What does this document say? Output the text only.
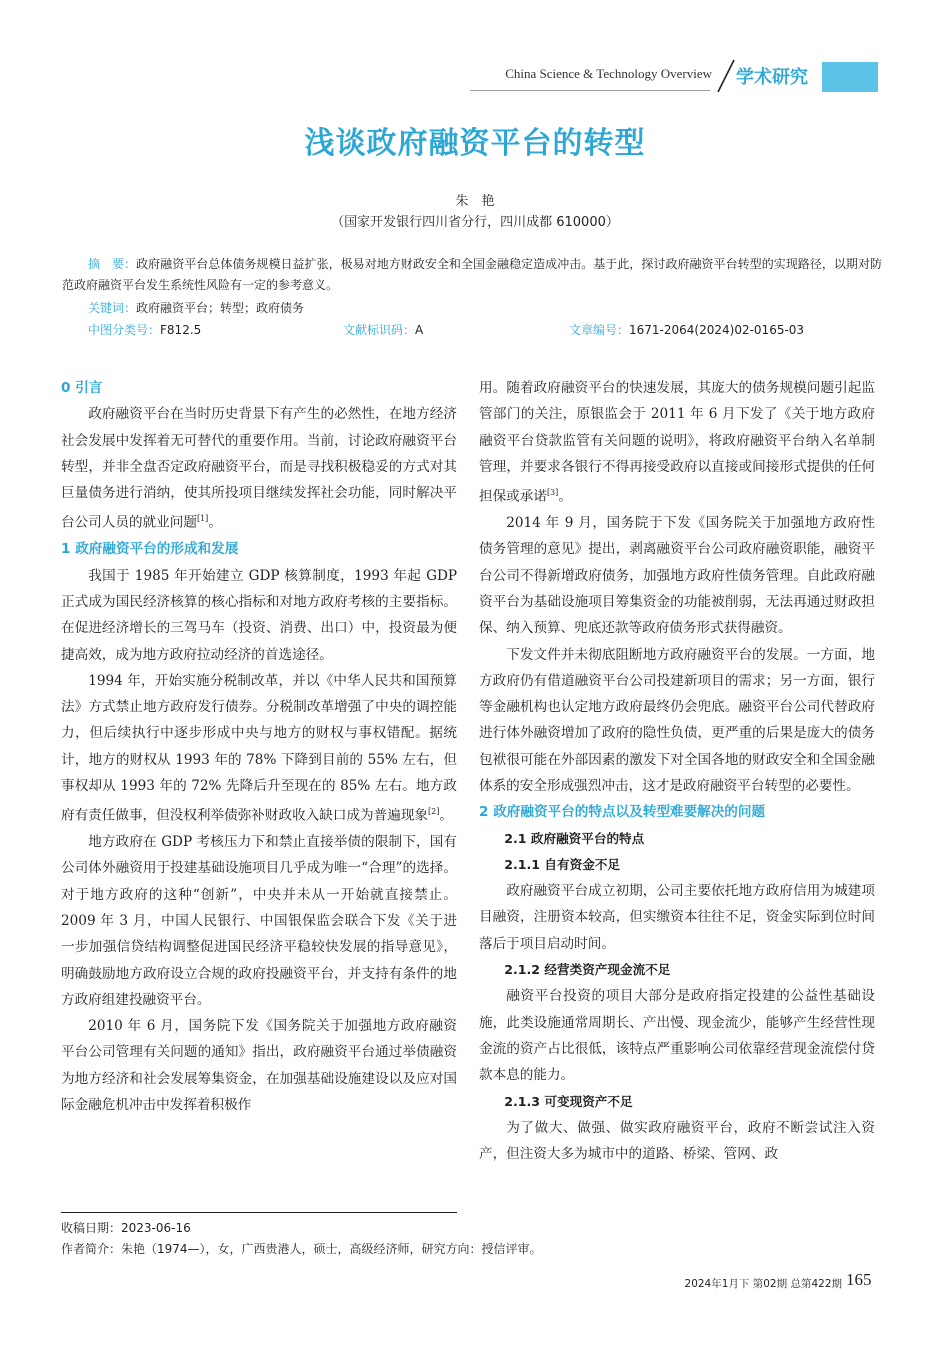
China Science & Technology Overview 学术研究
浅谈政府融资平台的转型
朱　艳
（国家开发银行四川省分行，四川成都 610000）
摘　要：政府融资平台总体债务规模日益扩张，极易对地方财政安全和全国金融稳定造成冲击。基于此，探讨政府融资平台转型的实现路径，以期对防范政府融资平台发生系统性风险有一定的参考意义。
关键词：政府融资平台；转型；政府债务
中图分类号：F812.5	文献标识码：A	文章编号：1671-2064(2024)02-0165-03
0 引言

政府融资平台在当时历史背景下有产生的必然性，在地方经济社会发展中发挥着无可替代的重要作用。当前，讨论政府融资平台转型，并非全盘否定政府融资平台，而是寻找积极稳妥的方式对其巨量债务进行消纳，使其所投项目继续发挥社会功能，同时解决平台公司人员的就业问题[1]。

1 政府融资平台的形成和发展

我国于 1985 年开始建立 GDP 核算制度，1993 年起 GDP 正式成为国民经济核算的核心指标和对地方政府考核的主要指标。在促进经济增长的三驾马车（投资、消费、出口）中，投资最为便捷高效，成为地方政府拉动经济的首选途径。

1994 年，开始实施分税制改革，并以《中华人民共和国预算法》方式禁止地方政府发行债券。分税制改革增强了中央的调控能力，但后续执行中逐步形成中央与地方的财权与事权错配。据统计，地方的财权从 1993 年的 78% 下降到目前的 55% 左右，但事权却从 1993 年的 72% 先降后升至现在的 85% 左右。地方政府有责任做事，但没权利举债弥补财政收入缺口成为普遍现象[2]。

地方政府在 GDP 考核压力下和禁止直接举债的限制下，国有公司体外融资用于投建基础设施项目几乎成为唯一“合理”的选择。对于地方政府的这种“创新”，中央并未从一开始就直接禁止。2009 年 3 月，中国人民银行、中国银保监会联合下发《关于进一步加强信贷结构调整促进国民经济平稳较快发展的指导意见》，明确鼓励地方政府设立合规的政府投融资平台，并支持有条件的地方政府组建投融资平台。

2010 年 6 月，国务院下发《国务院关于加强地方政府融资平台公司管理有关问题的通知》指出，政府融资平台通过举债融资为地方经济和社会发展筹集资金，在加强基础设施建设以及应对国际金融危机冲击中发挥着积极作

用。随着政府融资平台的快速发展，其庞大的债务规模问题引起监管部门的关注，原银监会于 2011 年 6 月下发了《关于地方政府融资平台贷款监管有关问题的说明》，将政府融资平台纳入名单制管理，并要求各银行不得再接受政府以直接或间接形式提供的任何担保或承诺[3]。

2014 年 9 月，国务院于下发《国务院关于加强地方政府性债务管理的意见》提出，剥离融资平台公司政府融资职能，融资平台公司不得新增政府债务，加强地方政府性债务管理。自此政府融资平台为基础设施项目筹集资金的功能被削弱，无法再通过财政担保、纳入预算、兜底还款等政府债务形式获得融资。

下发文件并未彻底阻断地方政府融资平台的发展。一方面，地方政府仍有借道融资平台公司投建新项目的需求；另一方面，银行等金融机构也认定地方政府最终仍会兜底。融资平台公司代替政府进行体外融资增加了政府的隐性负债，更严重的后果是庞大的债务包袱很可能在外部因素的激发下对全国各地的财政安全和全国金融体系的安全形成强烈冲击，这才是政府融资平台转型的必要性。

2 政府融资平台的特点以及转型难要解决的问题
2.1 政府融资平台的特点
2.1.1 自有资金不足

政府融资平台成立初期，公司主要依托地方政府信用为城建项目融资，注册资本较高，但实缴资本往往不足，资金实际到位时间落后于项目启动时间。

2.1.2 经营类资产现金流不足

融资平台投资的项目大部分是政府指定投建的公益性基础设施，此类设施通常周期长、产出慢、现金流少，能够产生经营性现金流的资产占比很低，该特点严重影响公司依靠经营现金流偿付贷款本息的能力。

2.1.3 可变现资产不足

为了做大、做强、做实政府融资平台，政府不断尝试注入资产，但注资大多为城市中的道路、桥梁、管网、政

收稿日期：2023-06-16
作者简介：朱艳（1974—），女，广西贵港人，硕士，高级经济师，研究方向：授信评审。
2024年1月下 第02期 总第422期 165
